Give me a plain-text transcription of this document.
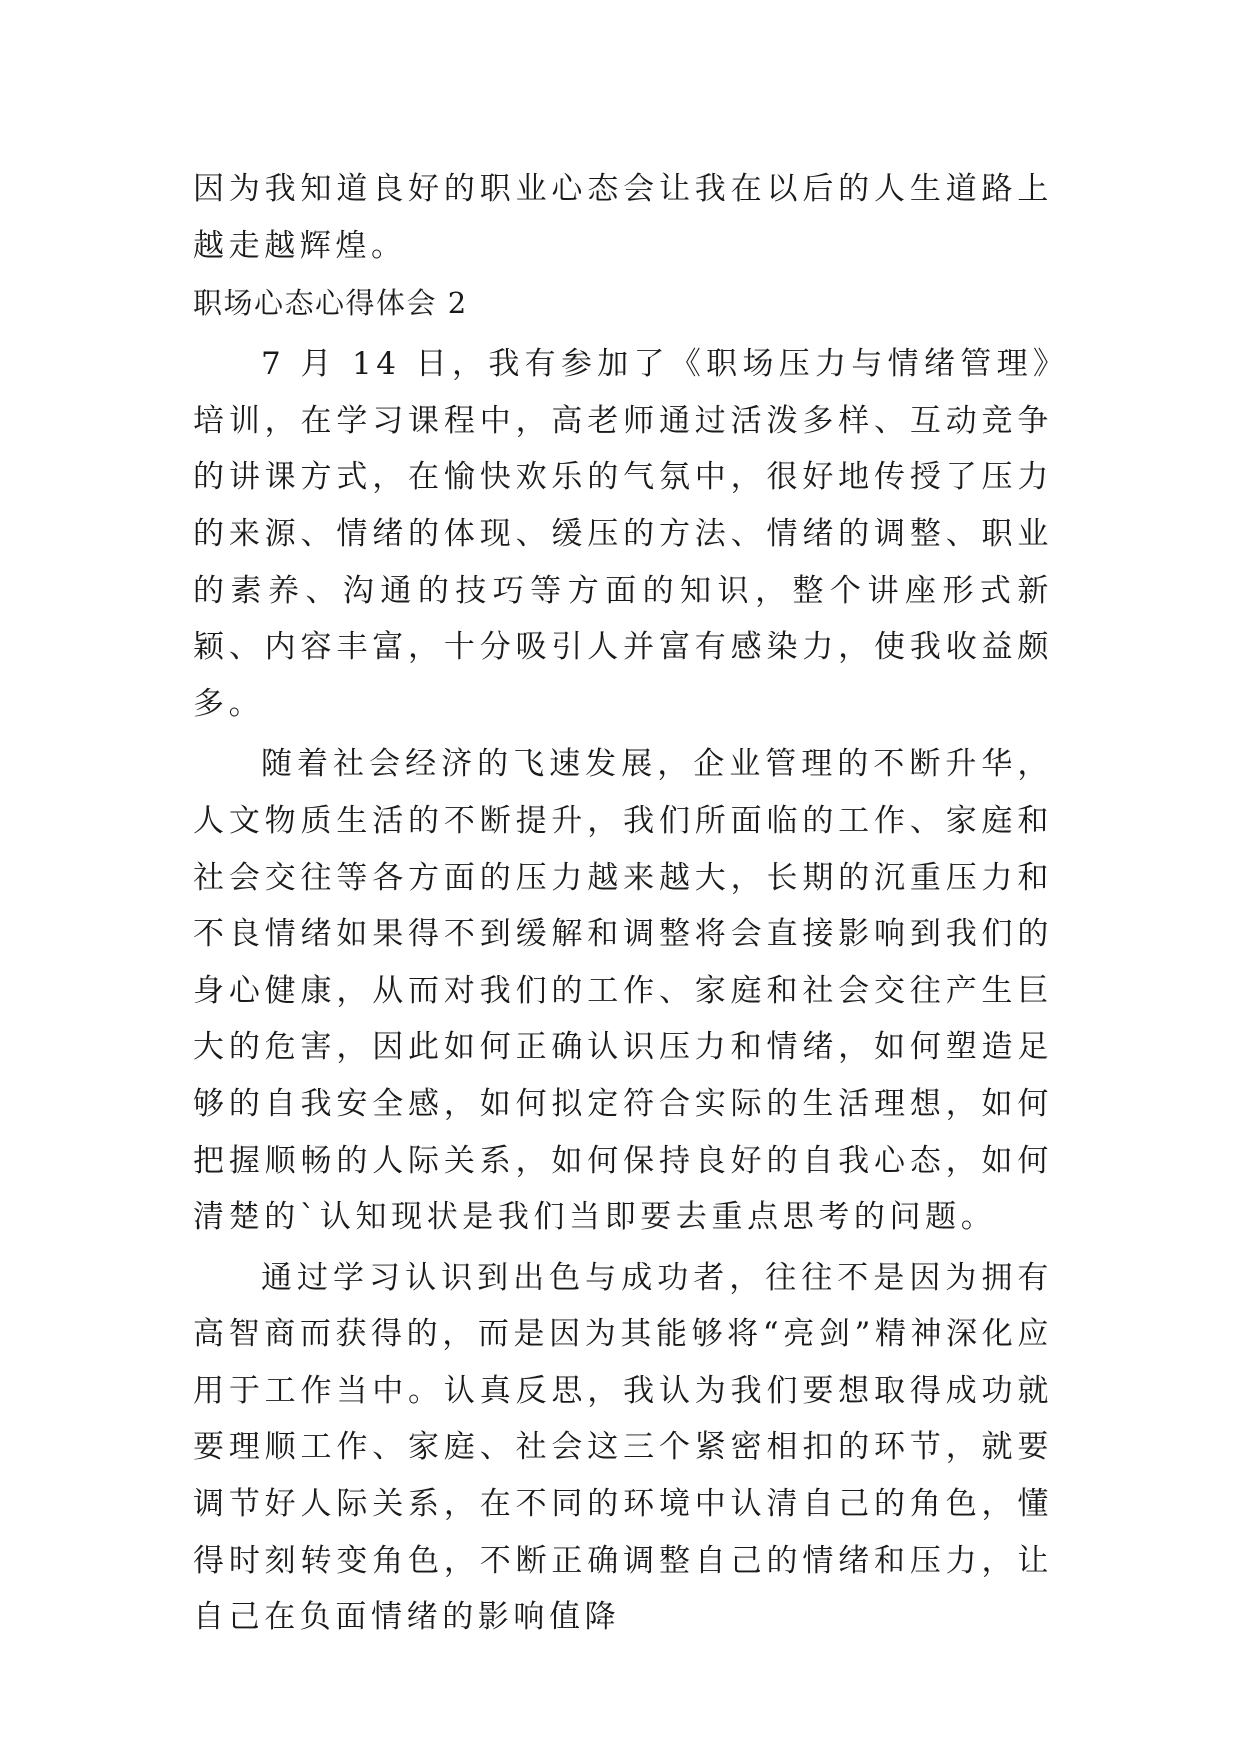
因为我知道良好的职业心态会让我在以后的人生道路上越走越辉煌。

职场心态心得体会 2

7 月 14 日，我有参加了《职场压力与情绪管理》培训，在学习课程中，高老师通过活泼多样、互动竞争的讲课方式，在愉快欢乐的气氛中，很好地传授了压力的来源、情绪的体现、缓压的方法、情绪的调整、职业的素养、沟通的技巧等方面的知识，整个讲座形式新颖、内容丰富，十分吸引人并富有感染力，使我收益颇多。

随着社会经济的飞速发展，企业管理的不断升华，人文物质生活的不断提升，我们所面临的工作、家庭和社会交往等各方面的压力越来越大，长期的沉重压力和不良情绪如果得不到缓解和调整将会直接影响到我们的身心健康，从而对我们的工作、家庭和社会交往产生巨大的危害，因此如何正确认识压力和情绪，如何塑造足够的自我安全感，如何拟定符合实际的生活理想，如何把握顺畅的人际关系，如何保持良好的自我心态，如何清楚的`认知现状是我们当即要去重点思考的问题。

通过学习认识到出色与成功者，往往不是因为拥有高智商而获得的，而是因为其能够将“亮剑”精神深化应用于工作当中。认真反思，我认为我们要想取得成功就要理顺工作、家庭、社会这三个紧密相扣的环节，就要调节好人际关系，在不同的环境中认清自己的角色，懂得时刻转变角色，不断正确调整自己的情绪和压力，让自己在负面情绪的影响值降
